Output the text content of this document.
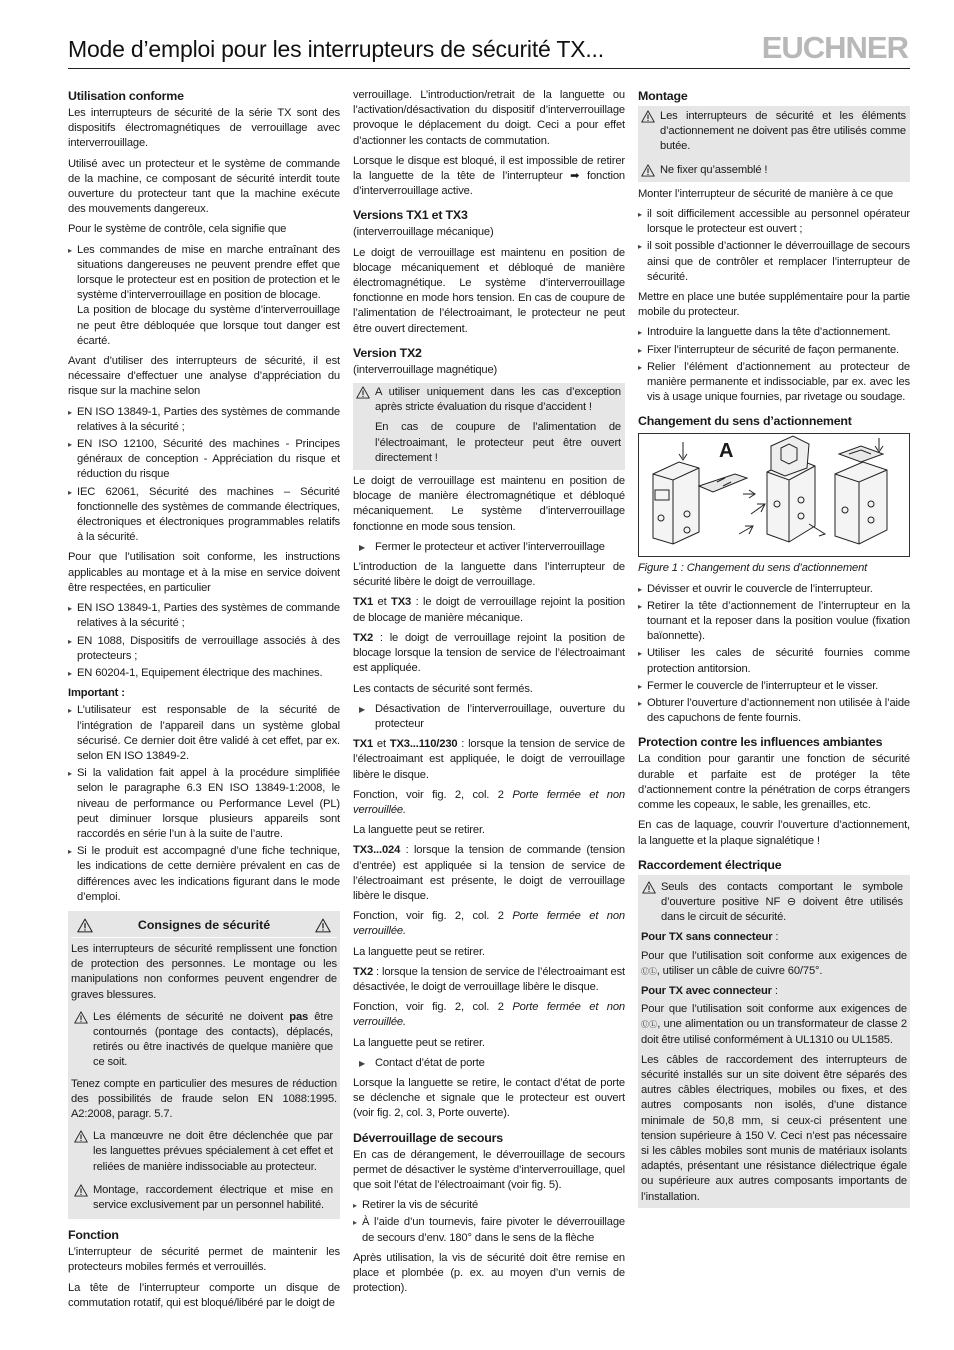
Mode d’emploi pour les interrupteurs de sécurité TX...	EUCHNER
Utilisation conforme

Les interrupteurs de sécurité de la série TX sont des dispositifs électromagnétiques de verrouillage avec interverrouillage.

Utilisé avec un protecteur et le système de commande de la machine, ce composant de sécurité interdit toute ouverture du protecteur tant que la machine exécute des mouvements dangereux.

Pour le système de contrôle, cela signifie que

▸ Les commandes de mise en marche entraînant des situations dangereuses ne peuvent prendre effet que lorsque le protecteur est en position de protection et le système d’interverrouillage en position de blocage.
La position de blocage du système d’interverrouillage ne peut être débloquée que lorsque tout danger est écarté.

Avant d’utiliser des interrupteurs de sécurité, il est nécessaire d’effectuer une analyse d’appréciation du risque sur la machine selon

▸ EN ISO 13849-1, Parties des systèmes de commande relatives à la sécurité ;
▸ EN ISO 12100, Sécurité des machines - Principes généraux de conception - Appréciation du risque et réduction du risque
▸ IEC 62061, Sécurité des machines – Sécurité fonctionnelle des systèmes de commande électriques, électroniques et électroniques programmables relatifs à la sécurité.

Pour que l’utilisation soit conforme, les instructions applicables au montage et à la mise en service doivent être respectées, en particulier

▸ EN ISO 13849-1, Parties des systèmes de commande relatives à la sécurité ;
▸ EN 1088, Dispositifs de verrouillage associés à des protecteurs ;
▸ EN 60204-1, Equipement électrique des machines.

Important :

▸ L’utilisateur est responsable de la sécurité de l’intégration de l’appareil dans un système global sécurisé. Ce dernier doit être validé à cet effet, par ex. selon EN ISO 13849-2.
▸ Si la validation fait appel à la procédure simplifiée selon le paragraphe 6.3 EN ISO 13849-1:2008, le niveau de performance ou Performance Level (PL) peut diminuer lorsque plusieurs appareils sont raccordés en série l’un à la suite de l’autre.
▸ Si le produit est accompagné d’une fiche technique, les indications de cette dernière prévalent en cas de différences avec les indications figurant dans le mode d’emploi.
Consignes de sécurité

Les interrupteurs de sécurité remplissent une fonction de protection des personnes. Le montage ou les manipulations non conformes peuvent engendrer de graves blessures.

Les éléments de sécurité ne doivent pas être contournés (pontage des contacts), déplacés, retirés ou être inactivés de quelque manière que ce soit.

Tenez compte en particulier des mesures de réduction des possibilités de fraude selon EN 1088:1995. A2:2008, paragr. 5.7.

La manœuvre ne doit être déclenchée que par les languettes prévues spécialement à cet effet et reliées de manière indissociable au protecteur.

Montage, raccordement électrique et mise en service exclusivement par un personnel habilité.

Fonction

L’interrupteur de sécurité permet de maintenir les protecteurs mobiles fermés et verrouillés.

La tête de l’interrupteur comporte un disque de commutation rotatif, qui est bloqué/libéré par le doigt de

verrouillage. L’introduction/retrait de la languette ou l’activation/désactivation du dispositif d’interverrouillage provoque le déplacement du doigt. Ceci a pour effet d’actionner les contacts de commutation.

Lorsque le disque est bloqué, il est impossible de retirer la languette de la tête de l’interrupteur ➡ fonction d’interverrouillage active.

Versions TX1 et TX3

(interverrouillage mécanique)

Le doigt de verrouillage est maintenu en position de blocage mécaniquement et débloqué de manière électromagnétique. Le système d’interverrouillage fonctionne en mode hors tension. En cas de coupure de l’alimentation de l’électroaimant, le protecteur ne peut être ouvert directement.

Version TX2

(interverrouillage magnétique)

A utiliser uniquement dans les cas d’exception après stricte évaluation du risque d’accident !

En cas de coupure de l’alimentation de l’électroaimant, le protecteur peut être ouvert directement !

Le doigt de verrouillage est maintenu en position de blocage de manière électromagnétique et débloqué mécaniquement. Le système d’interverrouillage fonctionne en mode sous tension.

▶ Fermer le protecteur et activer l’interverrouillage

L’introduction de la languette dans l’interrupteur de sécurité libère le doigt de verrouillage.

TX1 et TX3 : le doigt de verrouillage rejoint la position de blocage de manière mécanique.

TX2 : le doigt de verrouillage rejoint la position de blocage lorsque la tension de service de l’électroaimant est appliquée.

Les contacts de sécurité sont fermés.

▶ Désactivation de l’interverrouillage, ouverture du protecteur

TX1 et TX3...110/230 : lorsque la tension de service de l’électroaimant est appliquée, le doigt de verrouillage libère le disque.

Fonction, voir fig. 2, col. 2 Porte fermée et non verrouillée.

La languette peut se retirer.

TX3...024 : lorsque la tension de commande (tension d’entrée) est appliquée si la tension de service de l’électroaimant est présente, le doigt de verrouillage libère le disque.

Fonction, voir fig. 2, col. 2 Porte fermée et non verrouillée.

La languette peut se retirer.

TX2 : lorsque la tension de service de l’électroaimant est désactivée, le doigt de verrouillage libère le disque.

Fonction, voir fig. 2, col. 2 Porte fermée et non verrouillée.

La languette peut se retirer.

▶ Contact d’état de porte

Lorsque la languette se retire, le contact d’état de porte se déclenche et signale que le protecteur est ouvert (voir fig. 2, col. 3, Porte ouverte).

Déverrouillage de secours

En cas de dérangement, le déverrouillage de secours permet de désactiver le système d’interverrouillage, quel que soit l’état de l’électroaimant (voir fig. 5).

▸ Retirer la vis de sécurité
▸ À l’aide d’un tournevis, faire pivoter le déverrouillage de secours d’env. 180° dans le sens de la flèche

Après utilisation, la vis de sécurité doit être remise en place et plombée (p. ex. au moyen d’un vernis de protection).

Montage

Les interrupteurs de sécurité et les éléments d’actionnement ne doivent pas être utilisés comme butée.

Ne fixer qu’assemblé !

Monter l’interrupteur de sécurité de manière à ce que

▸ il soit difficilement accessible au personnel opérateur lorsque le protecteur est ouvert ;
▸ il soit possible d’actionner le déverrouillage de secours ainsi que de contrôler et remplacer l’interrupteur de sécurité.

Mettre en place une butée supplémentaire pour la partie mobile du protecteur.

▸ Introduire la languette dans la tête d’actionnement.
▸ Fixer l’interrupteur de sécurité de façon permanente.
▸ Relier l’élément d’actionnement au protecteur de manière permanente et indissociable, par ex. avec les vis à usage unique fournies, par rivetage ou soudage.
Changement du sens d’actionnement
A

Figure 1 : Changement du sens d’actionnement

▸ Dévisser et ouvrir le couvercle de l’interrupteur.
▸ Retirer la tête d’actionnement de l’interrupteur en la tournant et la reposer dans la position voulue (fixation baïonnette).
▸ Utiliser les cales de sécurité fournies comme protection antitorsion.
▸ Fermer le couvercle de l’interrupteur et le visser.
▸ Obturer l’ouverture d’actionnement non utilisée à l’aide des capuchons de fente fournis.
Protection contre les influences ambiantes

La condition pour garantir une fonction de sécurité durable et parfaite est de protéger la tête d’actionnement contre la pénétration de corps étrangers comme les copeaux, le sable, les grenailles, etc.

En cas de laquage, couvrir l’ouverture d’actionnement, la languette et la plaque signalétique !

Raccordement électrique

Seuls des contacts comportant le symbole d’ouverture positive NF ⊖ doivent être utilisés dans le circuit de sécurité.

Pour TX sans connecteur :

Pour que l’utilisation soit conforme aux exigences de ⓊⓁ, utiliser un câble de cuivre 60/75°.

Pour TX avec connecteur :

Pour que l’utilisation soit conforme aux exigences de ⓊⓁ, une alimentation ou un transformateur de classe 2 doit être utilisé conformément à UL1310 ou UL1585.

Les câbles de raccordement des interrupteurs de sécurité installés sur un site doivent être séparés des autres câbles électriques, mobiles ou fixes, et des autres composants non isolés, d’une distance minimale de 50,8 mm, si ceux-ci présentent une tension supérieure à 150 V. Ceci n’est pas nécessaire si les câbles mobiles sont munis de matériaux isolants adaptés, présentant une résistance diélectrique égale ou supérieure aux autres composants importants de l’installation.
